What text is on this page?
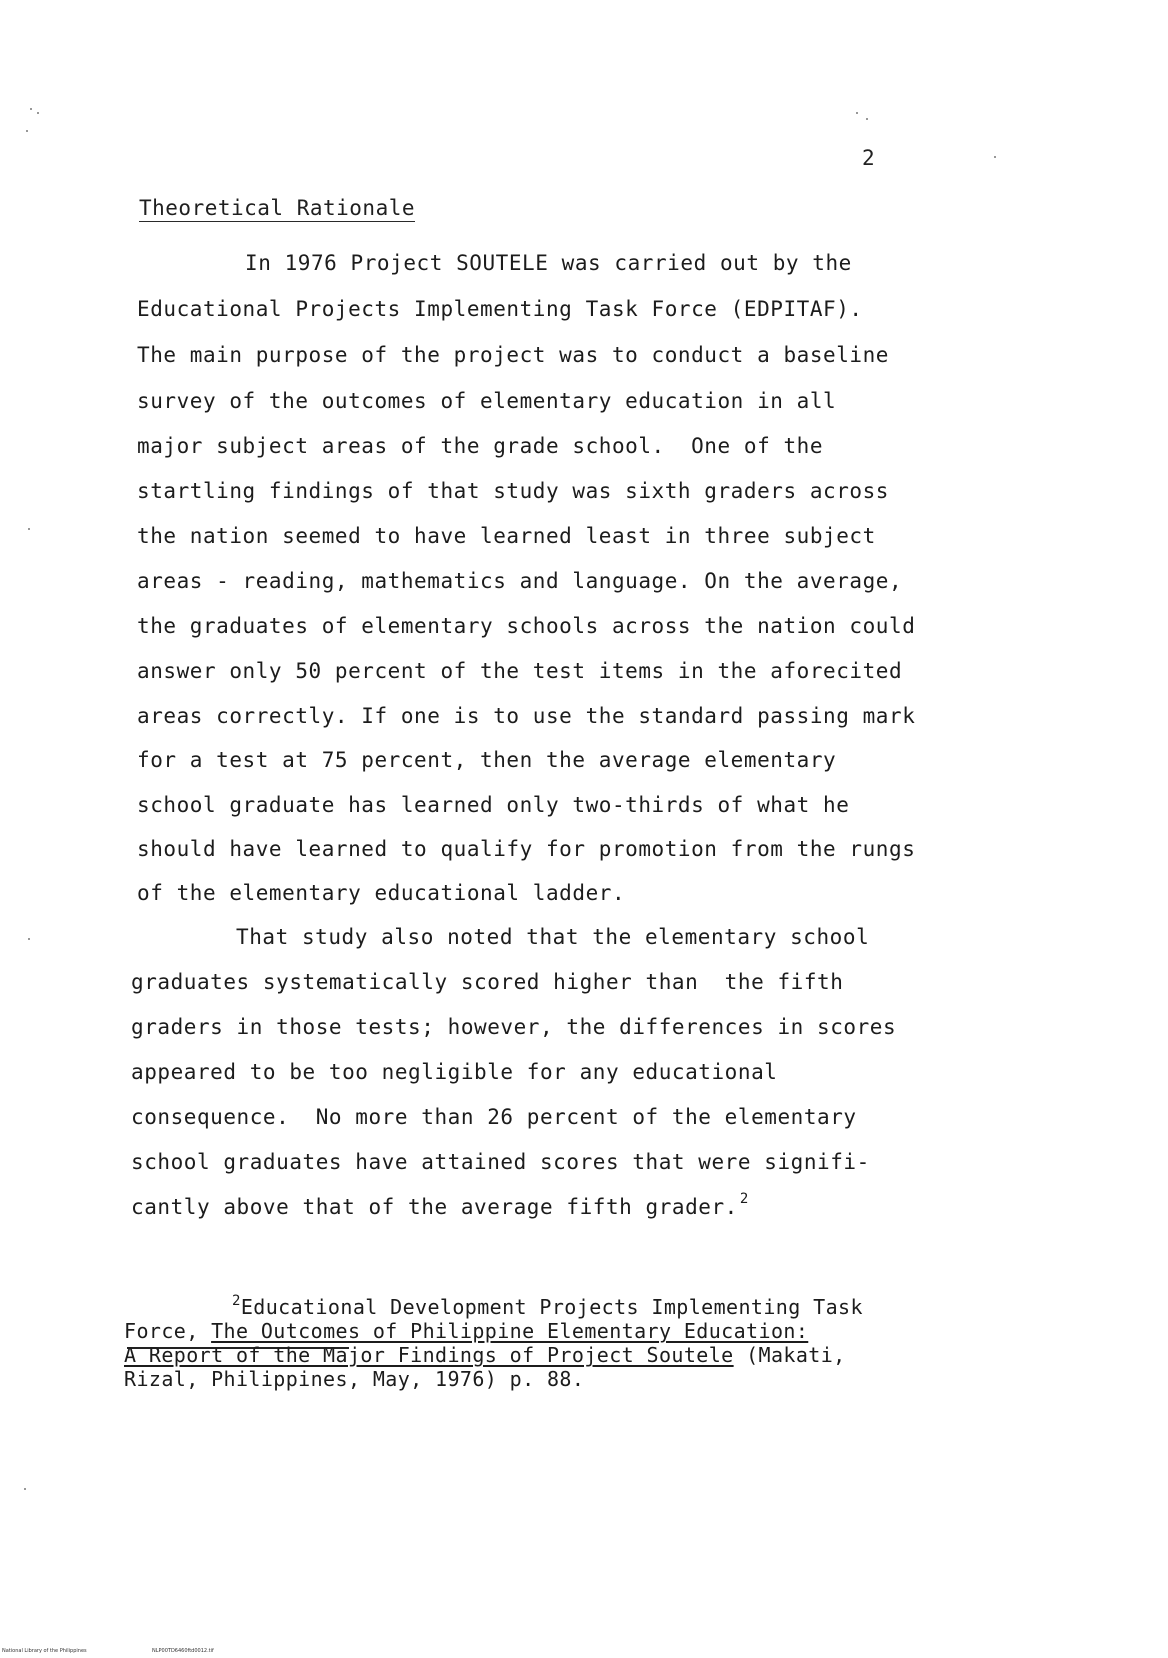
2
Theoretical Rationale
In 1976 Project SOUTELE was carried out by the
Educational Projects Implementing Task Force (EDPITAF).
The main purpose of the project was to conduct a baseline
survey of the outcomes of elementary education in all
major subject areas of the grade school.  One of the
startling findings of that study was sixth graders across
the nation seemed to have learned least in three subject
areas - reading, mathematics and language. On the average,
the graduates of elementary schools across the nation could
answer only 50 percent of the test items in the aforecited
areas correctly. If one is to use the standard passing mark
for a test at 75 percent, then the average elementary
school graduate has learned only two-thirds of what he
should have learned to qualify for promotion from the rungs
of the elementary educational ladder.
That study also noted that the elementary school
graduates systematically scored higher than  the fifth
graders in those tests; however, the differences in scores
appeared to be too negligible for any educational
consequence.  No more than 26 percent of the elementary
school graduates have attained scores that were signifi-
cantly above that of the average fifth grader. $^2$
$^2$Educational Development Projects Implementing Task
Force, The Outcomes of Philippine Elementary Education:
A Report of the Major Findings of Project Soutele (Makati,
Rizal, Philippines, May, 1976) p. 88.
National Library of the Philippines	NLP00TD6460ftd0012.tif
